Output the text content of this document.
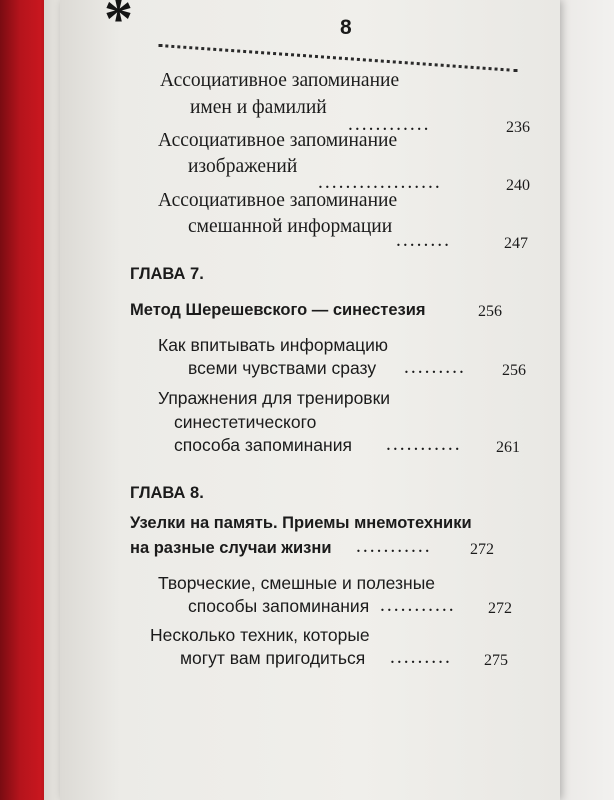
*	8
Ассоциативное запоминание
имен и фамилий
............	236
Ассоциативное запоминание
изображений
..................	240
Ассоциативное запоминание
смешанной информации
........	247
ГЛАВА 7.
Метод Шерешевского — синестезия	256
Как впитывать информацию
всеми чувствами сразу ......... 256
Упражнения для тренировки
синестетического
способа запоминания ........... 261
ГЛАВА 8.
Узелки на память. Приемы мнемотехники
на разные случаи жизни ........... 272
Творческие, смешные и полезные
способы запоминания ........... 272
Несколько техник, которые
могут вам пригодиться ......... 275
